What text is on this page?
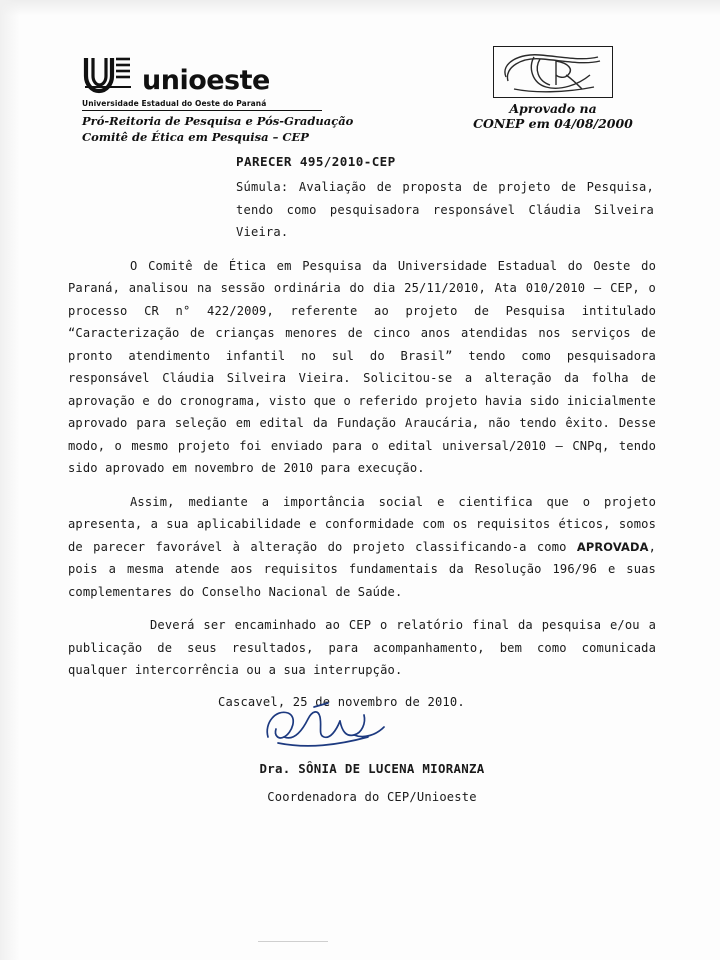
unioeste
Universidade Estadual do Oeste do Paraná
Pró-Reitoria de Pesquisa e Pós-Graduação
Comitê de Ética em Pesquisa – CEP
Aprovado na
CONEP em 04/08/2000
PARECER 495/2010-CEP
Súmula: Avaliação de proposta de projeto de Pesquisa, tendo como pesquisadora responsável Cláudia Silveira Vieira.
O Comitê de Ética em Pesquisa da Universidade Estadual do Oeste do Paraná, analisou na sessão ordinária do dia 25/11/2010, Ata 010/2010 – CEP, o processo CR n° 422/2009, referente ao projeto de Pesquisa intitulado “Caracterização de crianças menores de cinco anos atendidas nos serviços de pronto atendimento infantil no sul do Brasil” tendo como pesquisadora responsável Cláudia Silveira Vieira. Solicitou-se a alteração da folha de aprovação e do cronograma, visto que o referido projeto havia sido inicialmente aprovado para seleção em edital da Fundação Araucária, não tendo êxito. Desse modo, o mesmo projeto foi enviado para o edital universal/2010 – CNPq, tendo sido aprovado em novembro de 2010 para execução.
Assim, mediante a importância social e cientifica que o projeto apresenta, a sua aplicabilidade e conformidade com os requisitos éticos, somos de parecer favorável à alteração do projeto classificando-a como APROVADA, pois a mesma atende aos requisitos fundamentais da Resolução 196/96 e suas complementares do Conselho Nacional de Saúde.
Deverá ser encaminhado ao CEP o relatório final da pesquisa e/ou a publicação de seus resultados, para acompanhamento, bem como comunicada qualquer intercorrência ou a sua interrupção.
Cascavel, 25 de novembro de 2010.
Dra. SÔNIA DE LUCENA MIORANZA
Coordenadora do CEP/Unioeste
